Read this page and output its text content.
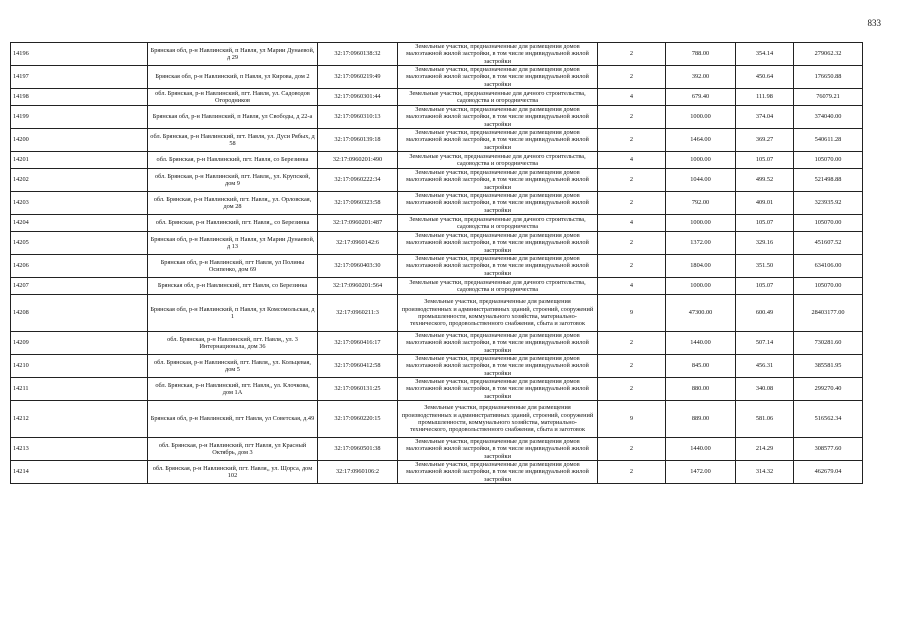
833
14196	Брянская обл, р-н Навлинский, п Навля, ул Марии Дунаевой, д 29	32:17:0960138:32	Земельные участки, предназначенные для размещения домов малоэтажной жилой застройки, в том числе индивидуальной жилой застройки	2	788.00	354.14	279062.32
14197	Брянская обл, р-н Навлинский, п Навля, ул Кирова, дом 2	32:17:0960219:49	Земельные участки, предназначенные для размещения домов малоэтажной жилой застройки, в том числе индивидуальной жилой застройки	2	392.00	450.64	176650.88
14198	обл. Брянская, р-н Навлинский, пгт. Навля, ул. Садоводов Огородников	32:17:0960301:44	Земельные участки, предназначенные для дачного строительства, садоводства и огородничества	4	679.40	111.98	76079.21
14199	Брянская обл, р-н Навлинский, п Навля, ул Свободы, д 22-а	32:17:0960310:13	Земельные участки, предназначенные для размещения домов малоэтажной жилой застройки, в том числе индивидуальной жилой застройки	2	1000.00	374.04	374040.00
14200	обл. Брянская, р-н Навлинский, пгт. Навля, ул. Дуси Рябых, д 58	32:17:0960139:18	Земельные участки, предназначенные для размещения домов малоэтажной жилой застройки, в том числе индивидуальной жилой застройки	2	1464.00	369.27	540611.28
14201	обл. Брянская, р-н Навлинский, пгт. Навля, со Березинка	32:17:0960201:490	Земельные участки, предназначенные для дачного строительства, садоводства и огородничества	4	1000.00	105.07	105070.00
14202	обл. Брянская, р-н Навлинский, пгт. Навля,, ул. Крупской, дом 9	32:17:0960222:34	Земельные участки, предназначенные для размещения домов малоэтажной жилой застройки, в том числе индивидуальной жилой застройки	2	1044.00	499.52	521498.88
14203	обл. Брянская, р-н Навлинский, пгт. Навля,, ул. Орловская, дом 28	32:17:0960323:58	Земельные участки, предназначенные для размещения домов малоэтажной жилой застройки, в том числе индивидуальной жилой застройки	2	792.00	409.01	323935.92
14204	обл. Брянская, р-н Навлинский, пгт. Навля,, со Березинка	32:17:0960201:487	Земельные участки, предназначенные для дачного строительства, садоводства и огородничества	4	1000.00	105.07	105070.00
14205	Брянская обл, р-н Навлинский, п Навля, ул Марии Дунаевой, д 13	32:17:0960142:6	Земельные участки, предназначенные для размещения домов малоэтажной жилой застройки, в том числе индивидуальной жилой застройки	2	1372.00	329.16	451607.52
14206	Брянская обл, р-н Навлинский, пгт Навля, ул Полины Осипенко, дом 69	32:17:0960403:30	Земельные участки, предназначенные для размещения домов малоэтажной жилой застройки, в том числе индивидуальной жилой застройки	2	1804.00	351.50	634106.00
14207	Брянская обл, р-н Навлинский, пгт Навля, со Березинка	32:17:0960201:564	Земельные участки, предназначенные для дачного строительства, садоводства и огородничества	4	1000.00	105.07	105070.00
14208	Брянская обл, р-н Навлинский, п Навля, ул Комсомольская, д 1	32:17:0960211:3	Земельные участки, предназначенные для размещения производственных и административных зданий, строений, сооружений промышленности, коммунального хозяйства, материально-технического, продовольственного снабжения, сбыта и заготовок	9	47300.00	600.49	28403177.00
14209	обл. Брянская, р-н Навлинский, пгт. Навля,, ул. 3 Интернационала, дом 36	32:17:0960416:17	Земельные участки, предназначенные для размещения домов малоэтажной жилой застройки, в том числе индивидуальной жилой застройки	2	1440.00	507.14	730281.60
14210	обл. Брянская, р-н Навлинский, пгт. Навля,, ул. Кольцевая, дом 5	32:17:0960412:58	Земельные участки, предназначенные для размещения домов малоэтажной жилой застройки, в том числе индивидуальной жилой застройки	2	845.00	456.31	385581.95
14211	обл. Брянская, р-н Навлинский, пгт. Навля,, ул. Клочкова, дом 1А	32:17:0960131:25	Земельные участки, предназначенные для размещения домов малоэтажной жилой застройки, в том числе индивидуальной жилой застройки	2	880.00	340.08	299270.40
14212	Брянская обл, р-н Навлинский, пгт Навля, ул Советская, д.49	32:17:0960220:15	Земельные участки, предназначенные для размещения производственных и административных зданий, строений, сооружений промышленности, коммунального хозяйства, материально-технического, продовольственного снабжения, сбыта и заготовок	9	889.00	581.06	516562.34
14213	обл. Брянская, р-н Навлинский, пгт Навля, ул Красный Октябрь, дом 3	32:17:0960501:38	Земельные участки, предназначенные для размещения домов малоэтажной жилой застройки, в том числе индивидуальной жилой застройки	2	1440.00	214.29	308577.60
14214	обл. Брянская, р-н Навлинский, пгт. Навля,, ул. Щорса, дом 102	32:17:0960106:2	Земельные участки, предназначенные для размещения домов малоэтажной жилой застройки, в том числе индивидуальной жилой застройки	2	1472.00	314.32	462679.04
